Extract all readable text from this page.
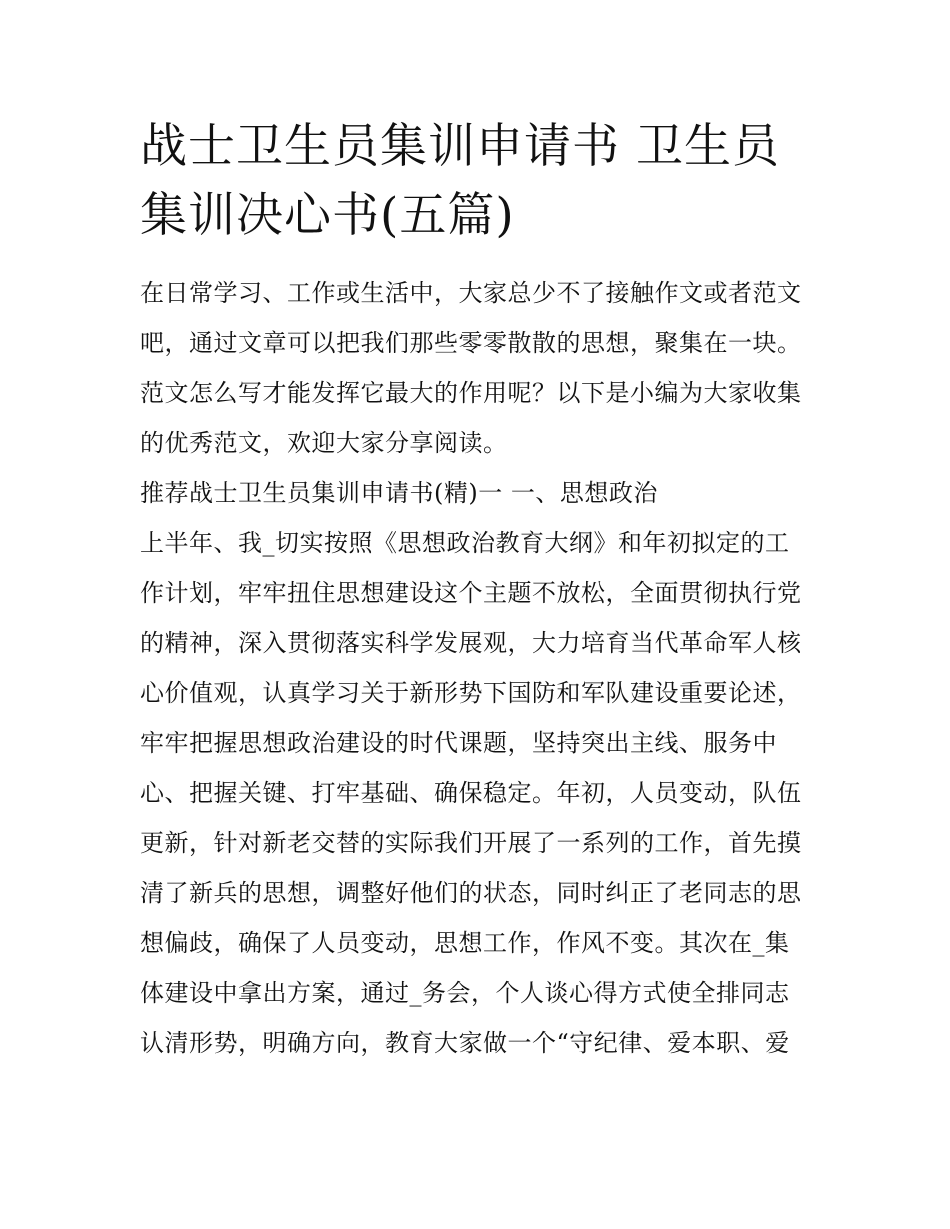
战士卫生员集训申请书 卫生员
集训决心书(五篇)
在日常学习、工作或生活中，大家总少不了接触作文或者范文
吧，通过文章可以把我们那些零零散散的思想，聚集在一块。
范文怎么写才能发挥它最大的作用呢？以下是小编为大家收集
的优秀范文，欢迎大家分享阅读。
推荐战士卫生员集训申请书(精)一 一、思想政治
上半年、我_切实按照《思想政治教育大纲》和年初拟定的工
作计划，牢牢扭住思想建设这个主题不放松，全面贯彻执行党
的精神，深入贯彻落实科学发展观，大力培育当代革命军人核
心价值观，认真学习关于新形势下国防和军队建设重要论述，
牢牢把握思想政治建设的时代课题，坚持突出主线、服务中
心、把握关键、打牢基础、确保稳定。年初，人员变动，队伍
更新，针对新老交替的实际我们开展了一系列的工作，首先摸
清了新兵的思想，调整好他们的状态，同时纠正了老同志的思
想偏歧，确保了人员变动，思想工作，作风不变。其次在_集
体建设中拿出方案，通过_务会，个人谈心得方式使全排同志
认清形势，明确方向，教育大家做一个“守纪律、爱本职、爱
